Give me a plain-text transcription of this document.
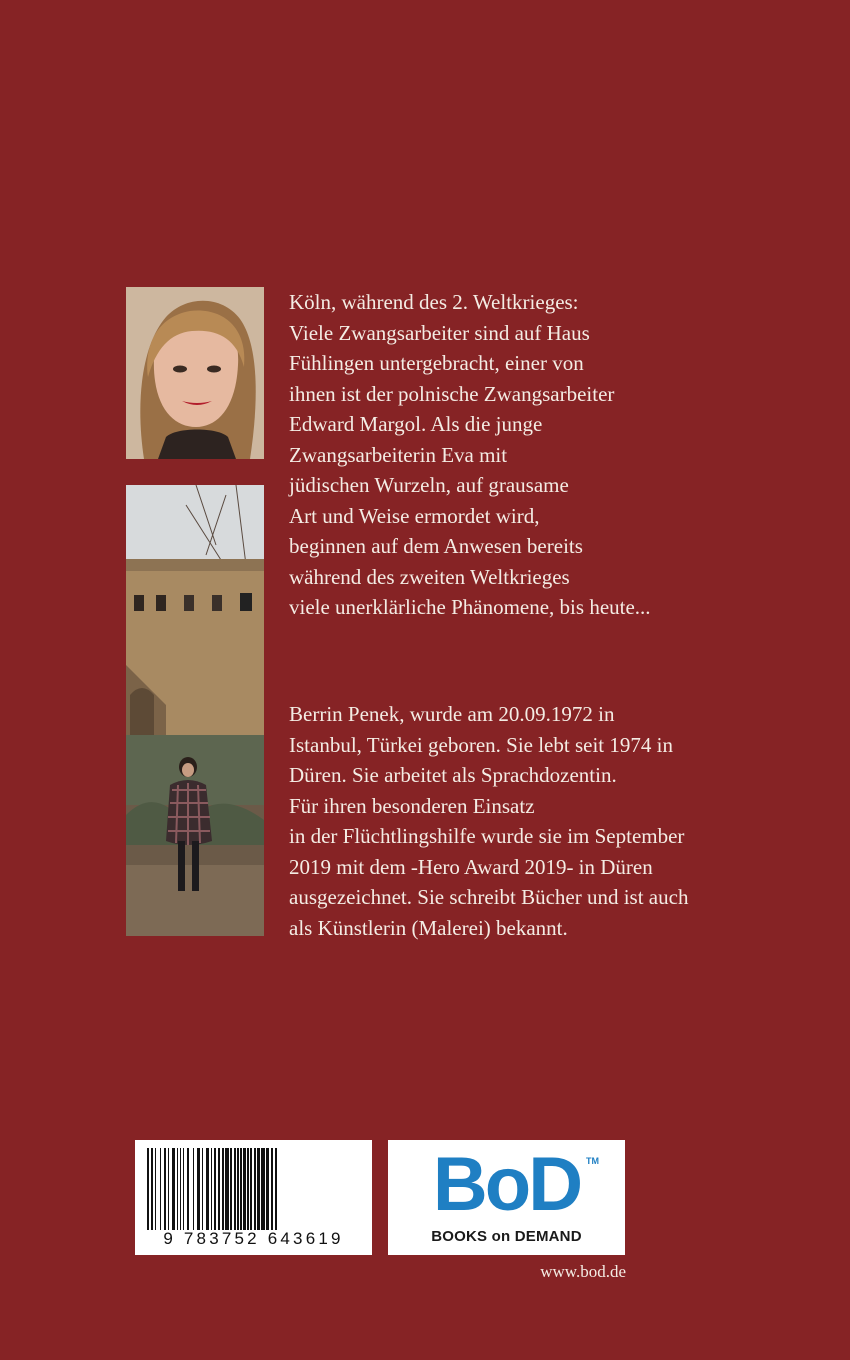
Köln, während des 2. Weltkrieges:
Viele Zwangsarbeiter sind auf Haus
Fühlingen untergebracht, einer von
ihnen ist der polnische Zwangsarbeiter
Edward Margol. Als die junge
Zwangsarbeiterin Eva mit
jüdischen Wurzeln, auf grausame
Art und Weise ermordet wird,
beginnen auf dem Anwesen bereits
während des zweiten Weltkrieges
viele unerklärliche Phänomene, bis heute...
Berrin Penek, wurde am 20.09.1972 in
Istanbul, Türkei geboren. Sie lebt seit 1974 in
Düren. Sie arbeitet als Sprachdozentin.
Für ihren besonderen Einsatz
in der Flüchtlingshilfe wurde sie im September
2019 mit dem -Hero Award 2019- in Düren
ausgezeichnet. Sie schreibt Bücher und ist auch
als Künstlerin (Malerei) bekannt.
9 783752 643619
BoD TM
BOOKS on DEMAND
www.bod.de
